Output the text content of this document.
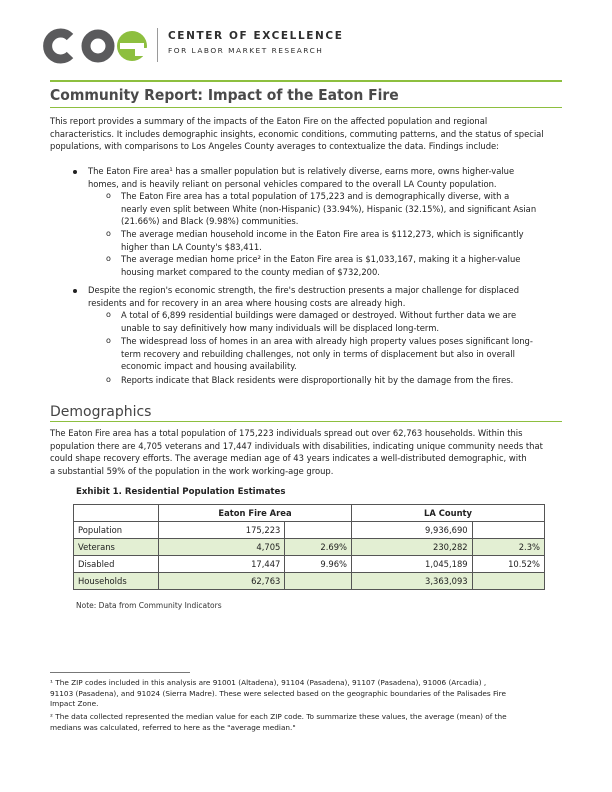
CENTER OF EXCELLENCE
FOR LABOR MARKET RESEARCH
Community Report: Impact of the Eaton Fire
This report provides a summary of the impacts of the Eaton Fire on the affected population and regional
characteristics. It includes demographic insights, economic conditions, commuting patterns, and the status of special
populations, with comparisons to Los Angeles County averages to contextualize the data. Findings include:
The Eaton Fire area¹ has a smaller population but is relatively diverse, earns more, owns higher-value
homes, and is heavily reliant on personal vehicles compared to the overall LA County population.
o The Eaton Fire area has a total population of 175,223 and is demographically diverse, with a
nearly even split between White (non-Hispanic) (33.94%), Hispanic (32.15%), and significant Asian
(21.66%) and Black (9.98%) communities.
o The average median household income in the Eaton Fire area is $112,273, which is significantly
higher than LA County's $83,411.
o The average median home price² in the Eaton Fire area is $1,033,167, making it a higher-value
housing market compared to the county median of $732,200.
Despite the region's economic strength, the fire's destruction presents a major challenge for displaced
residents and for recovery in an area where housing costs are already high.
o A total of 6,899 residential buildings were damaged or destroyed. Without further data we are
unable to say definitively how many individuals will be displaced long-term.
o The widespread loss of homes in an area with already high property values poses significant long-
term recovery and rebuilding challenges, not only in terms of displacement but also in overall
economic impact and housing availability.
o Reports indicate that Black residents were disproportionally hit by the damage from the fires.
Demographics
The Eaton Fire area has a total population of 175,223 individuals spread out over 62,763 households. Within this
population there are 4,705 veterans and 17,447 individuals with disabilities, indicating unique community needs that
could shape recovery efforts. The average median age of 43 years indicates a well-distributed demographic, with
a substantial 59% of the population in the work working-age group.
Exhibit 1. Residential Population Estimates
	Eaton Fire Area		LA County	
Population	175,223		9,936,690	
Veterans	4,705	2.69%	230,282	2.3%
Disabled	17,447	9.96%	1,045,189	10.52%
Households	62,763		3,363,093	
Note: Data from Community Indicators
¹ The ZIP codes included in this analysis are 91001 (Altadena), 91104 (Pasadena), 91107 (Pasadena), 91006 (Arcadia) ,
91103 (Pasadena), and 91024 (Sierra Madre). These were selected based on the geographic boundaries of the Palisades Fire
Impact Zone.
² The data collected represented the median value for each ZIP code. To summarize these values, the average (mean) of the
medians was calculated, referred to here as the "average median."
